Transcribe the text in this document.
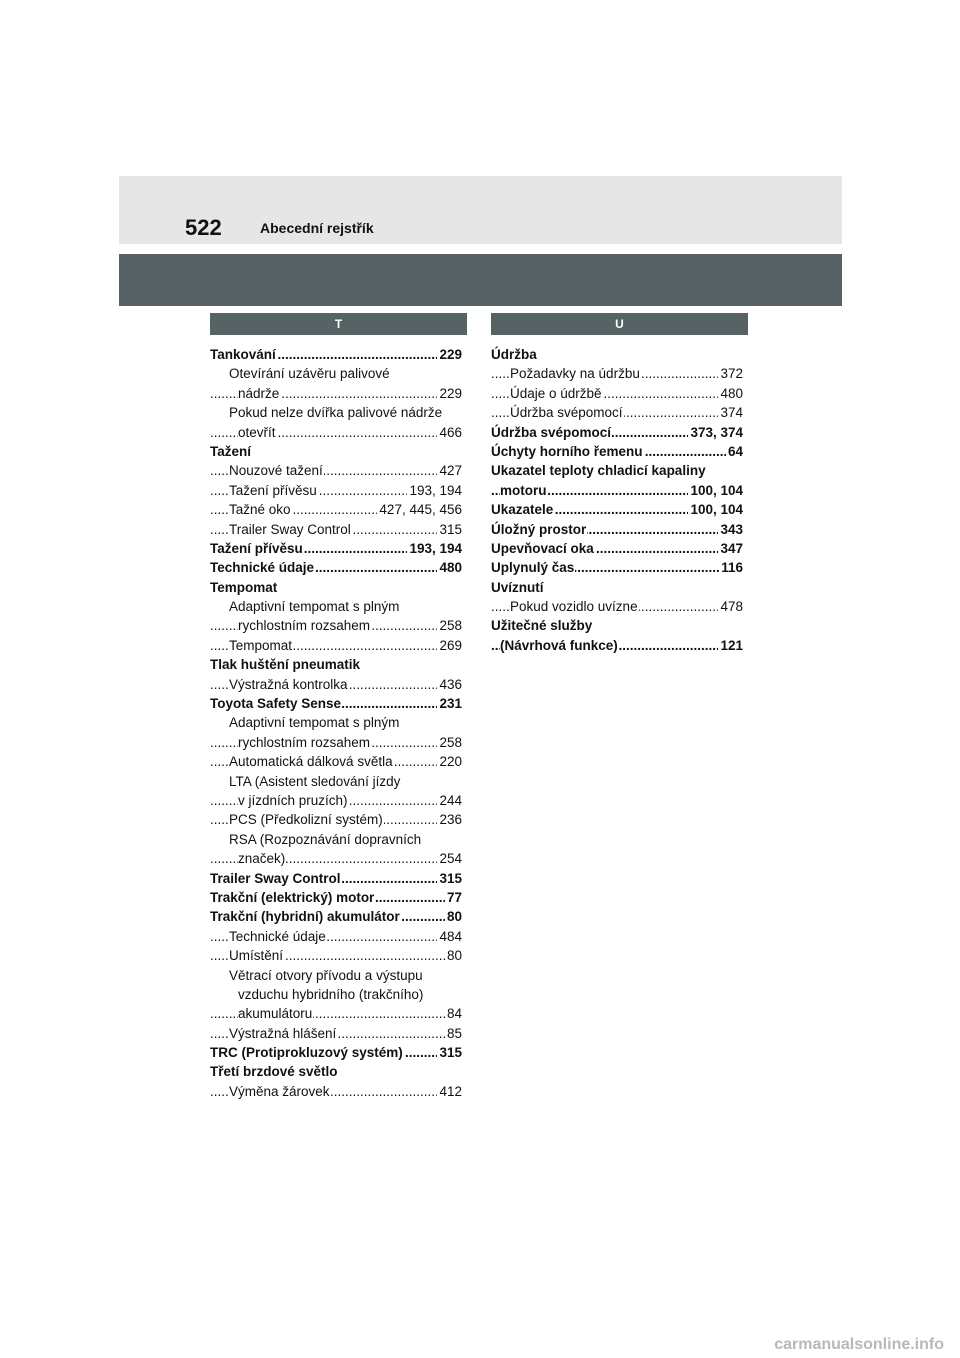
522	Abecední rejstřík
T
..... Tankování	229
Otevírání uzávěru palivové
..... nádrže	229
Pokud nelze dvířka palivové nádrže
..... otevřít	466
Tažení
..... Nouzové tažení	427
..... Tažení přívěsu	193, 194
..... Tažné oko	427, 445, 456
..... Trailer Sway Control	315
..... Tažení přívěsu	193, 194
..... Technické údaje	480
Tempomat
Adaptivní tempomat s plným
..... rychlostním rozsahem	258
..... Tempomat	269
Tlak huštění pneumatik
..... Výstražná kontrolka	436
..... Toyota Safety Sense	231
Adaptivní tempomat s plným
..... rychlostním rozsahem	258
..... Automatická dálková světla	220
LTA (Asistent sledování jízdy
..... v jízdních pruzích)	244
..... PCS (Předkolizní systém)	236
RSA (Rozpoznávání dopravních
..... značek)	254
..... Trailer Sway Control	315
..... Trakční (elektrický) motor	77
..... Trakční (hybridní) akumulátor	80
..... Technické údaje	484
..... Umístění	80
Větrací otvory přívodu a výstupu
vzduchu hybridního (trakčního)
..... akumulátoru	84
..... Výstražná hlášení	85
..... TRC (Protiprokluzový systém)	315
Třetí brzdové světlo
..... Výměna žárovek	412
U
Údržba
..... Požadavky na údržbu	372
..... Údaje o údržbě	480
..... Údržba svépomocí	374
..... Údržba svépomocí	373, 374
..... Úchyty horního řemenu	64
Ukazatel teploty chladicí kapaliny
..... motoru	100, 104
..... Ukazatele	100, 104
..... Úložný prostor	343
..... Upevňovací oka	347
..... Uplynulý čas	116
Uvíznutí
..... Pokud vozidlo uvízne	478
Užitečné služby
..... (Návrhová funkce)	121
carmanualsonline.info
